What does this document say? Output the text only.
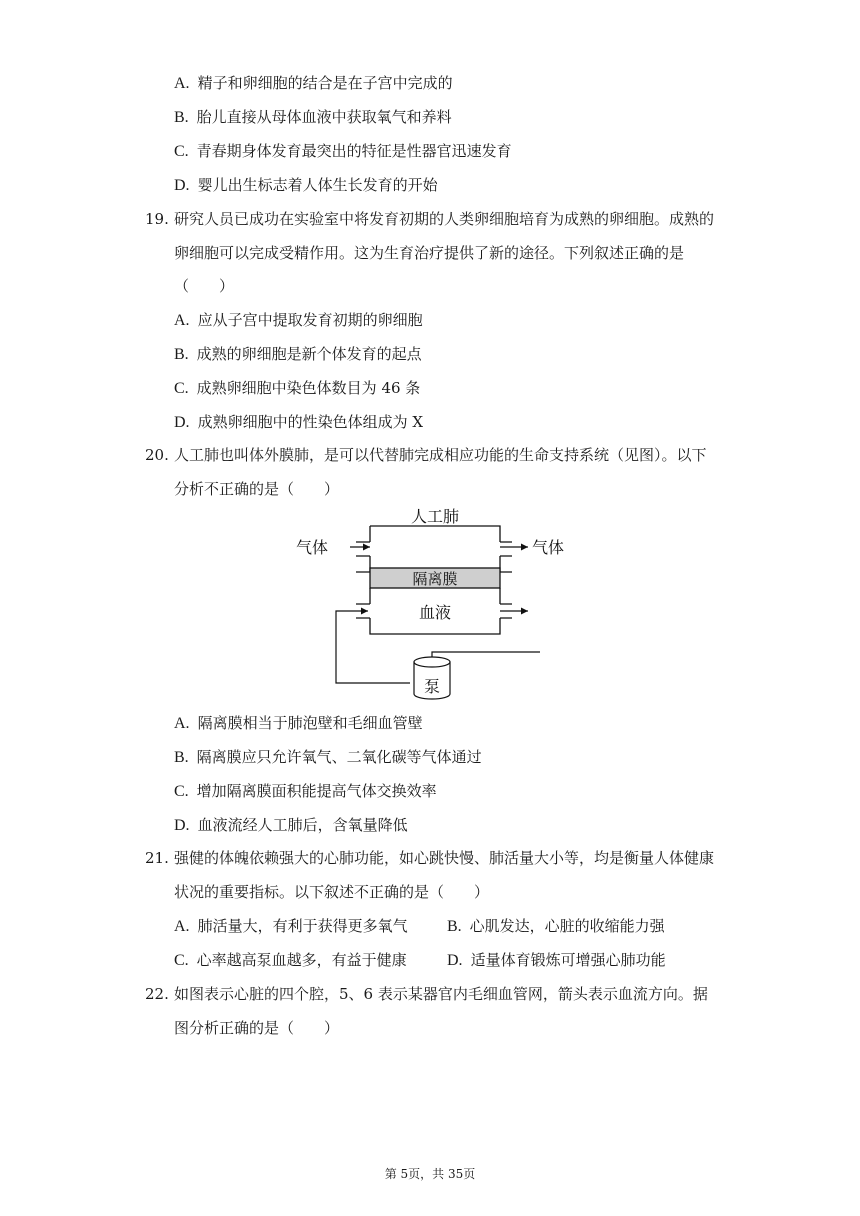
A. 精子和卵细胞的结合是在子宫中完成的
B. 胎儿直接从母体血液中获取氧气和养料
C. 青春期身体发育最突出的特征是性器官迅速发育
D. 婴儿出生标志着人体生长发育的开始
19. 研究人员已成功在实验室中将发育初期的人类卵细胞培育为成熟的卵细胞。成熟的
卵细胞可以完成受精作用。这为生育治疗提供了新的途径。下列叙述正确的是
（　　）
A. 应从子宫中提取发育初期的卵细胞
B. 成熟的卵细胞是新个体发育的起点
C. 成熟卵细胞中染色体数目为 46 条
D. 成熟卵细胞中的性染色体组成为 X
20. 人工肺也叫体外膜肺，是可以代替肺完成相应功能的生命支持系统（见图）。以下
分析不正确的是（　　）
人工肺
气体	气体
隔离膜
血液
泵
A. 隔离膜相当于肺泡壁和毛细血管壁
B. 隔离膜应只允许氧气、二氧化碳等气体通过
C. 增加隔离膜面积能提高气体交换效率
D. 血液流经人工肺后，含氧量降低
21. 强健的体魄依赖强大的心肺功能，如心跳快慢、肺活量大小等，均是衡量人体健康
状况的重要指标。以下叙述不正确的是（　　）
A. 肺活量大，有利于获得更多氧气 B. 心肌发达，心脏的收缩能力强
C. 心率越高泵血越多，有益于健康	D. 适量体育锻炼可增强心肺功能
22. 如图表示心脏的四个腔，5、6 表示某器官内毛细血管网，箭头表示血流方向。据
图分析正确的是（　　）
第 5页，共 35页
